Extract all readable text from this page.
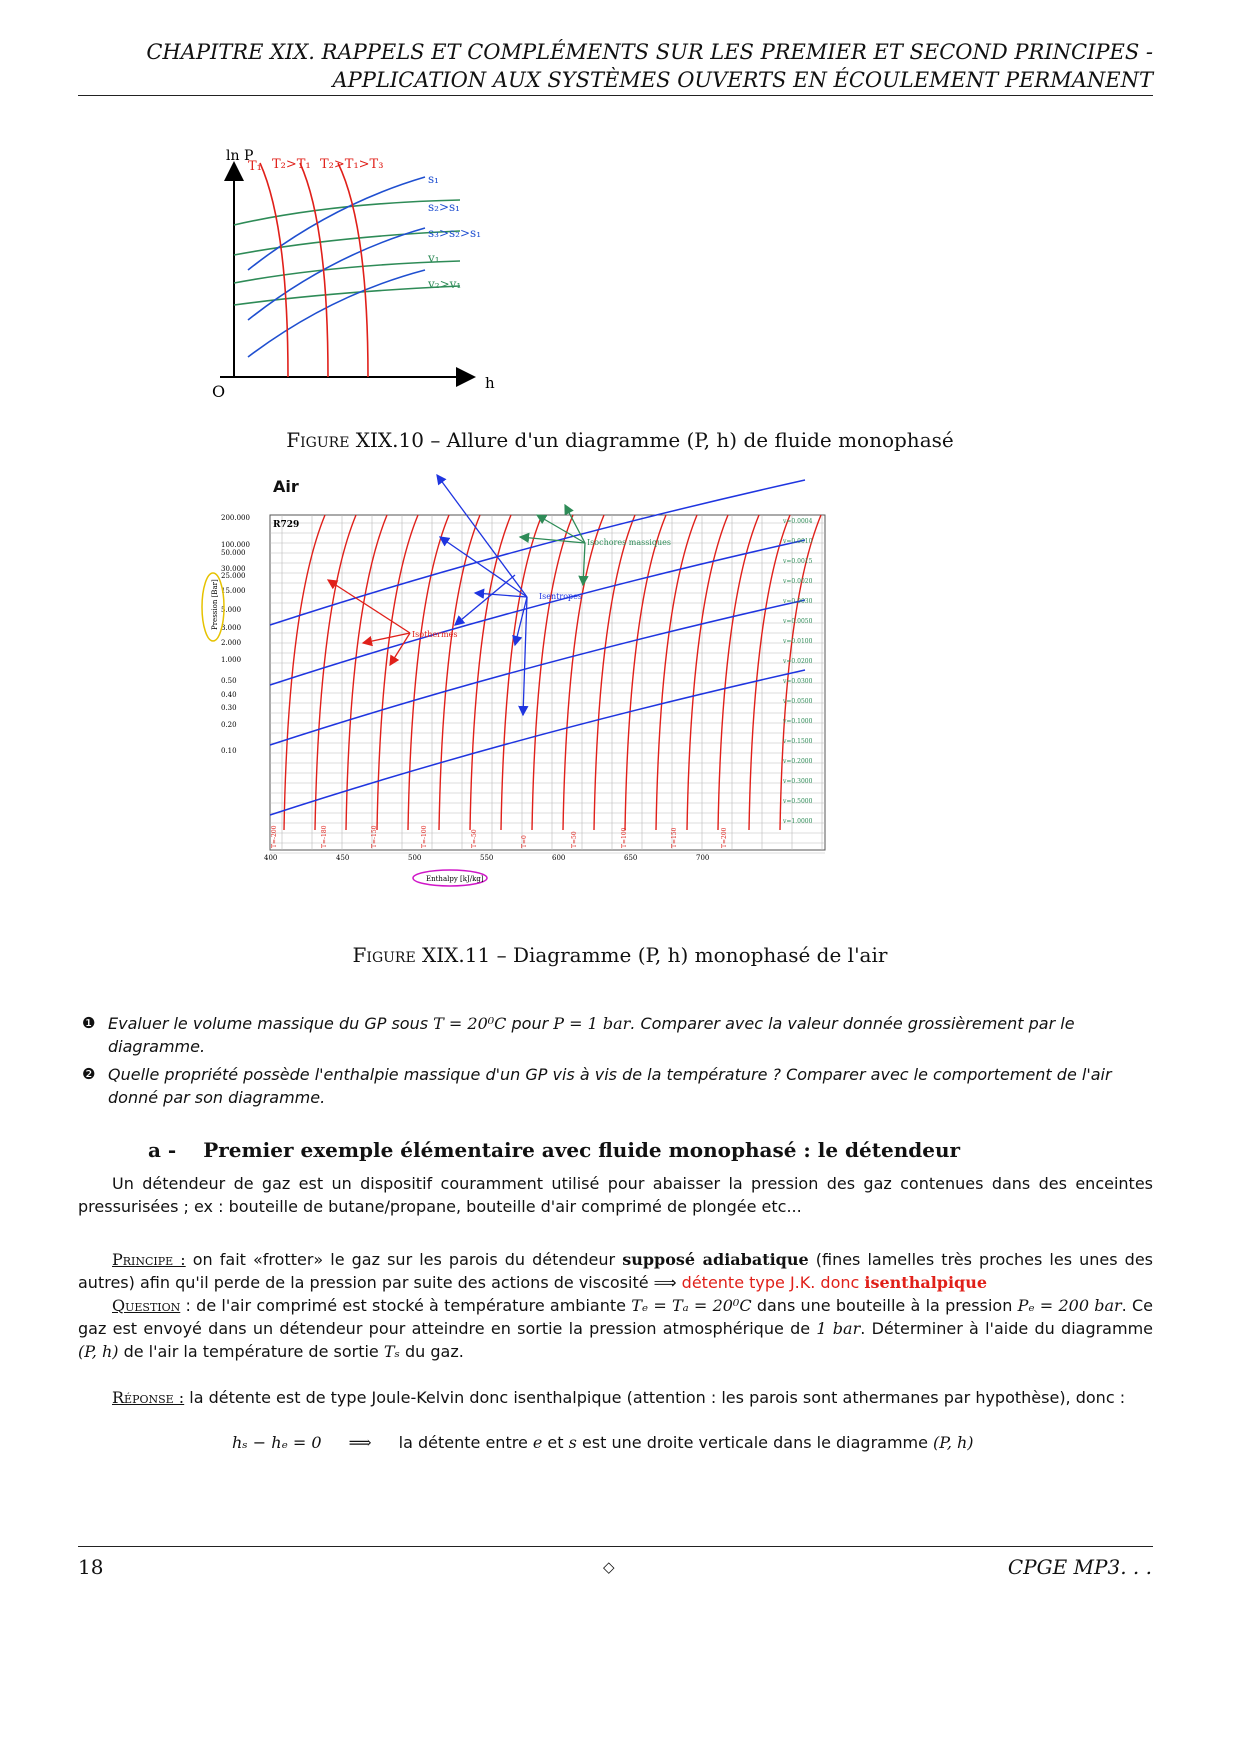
CHAPITRE XIX. RAPPELS ET COMPLÉMENTS SUR LES PREMIER ET SECOND PRINCIPES -
APPLICATION AUX SYSTÈMES OUVERTS EN ÉCOULEMENT PERMANENT
ln P
h
O
T₁ T₂>T₁ T₂>T₁>T₃
s₁
s₂>s₁
s₃>s₂>s₁
v₁
v₂>v₁
Figure XIX.10 – Allure d'un diagramme (P, h) de fluide monophasé
Air
200.000
100.000
50.000
30.000
25.000
15.000
5.000
3.000
2.000
1.000
0.50
0.40
0.30
0.20
0.10
400	450	500	550	600	650	700
T=-200	T=-180	T=-150	T=-100	T=-50	T=0	T=50	T=100	T=150	T=200
v=0.0004
v=0.0010
v=0.0015
v=0.0020
v=0.0030
v=0.0050
v=0.0100
v=0.0200
v=0.0300
v=0.0500
v=0.1000
v=0.1500
v=0.2000
v=0.3000
v=0.5000
v=1.0000
R729
Isochores massiques
Isentropes
Isothermes
Pression [Bar]
Enthalpy [kJ/kg]
Figure XIX.11 – Diagramme (P, h) monophasé de l'air
❶ Evaluer le volume massique du GP sous T = 20⁰C pour P = 1 bar. Comparer avec la valeur donnée grossièrement par le diagramme.
❷ Quelle propriété possède l'enthalpie massique d'un GP vis à vis de la température ? Comparer avec le comportement de l'air donné par son diagramme.
a - Premier exemple élémentaire avec fluide monophasé : le détendeur
Un détendeur de gaz est un dispositif couramment utilisé pour abaisser la pression des gaz contenues dans des enceintes pressurisées ; ex : bouteille de butane/propane, bouteille d'air comprimé de plongée etc...
Principe : on fait «frotter» le gaz sur les parois du détendeur supposé adiabatique (fines lamelles très proches les unes des autres) afin qu'il perde de la pression par suite des actions de viscosité ⟹ détente type J.K. donc isenthalpique
Question : de l'air comprimé est stocké à température ambiante Tₑ = Tₐ = 20⁰C dans une bouteille à la pression Pₑ = 200 bar. Ce gaz est envoyé dans un détendeur pour atteindre en sortie la pression atmosphérique de 1 bar. Déterminer à l'aide du diagramme (P, h) de l'air la température de sortie Tₛ du gaz.
Réponse : la détente est de type Joule-Kelvin donc isenthalpique (attention : les parois sont athermanes par hypothèse), donc :
hₛ − hₑ = 0 ⟹ la détente entre e et s est une droite verticale dans le diagramme (P, h)
18	◇	CPGE MP3. . .
